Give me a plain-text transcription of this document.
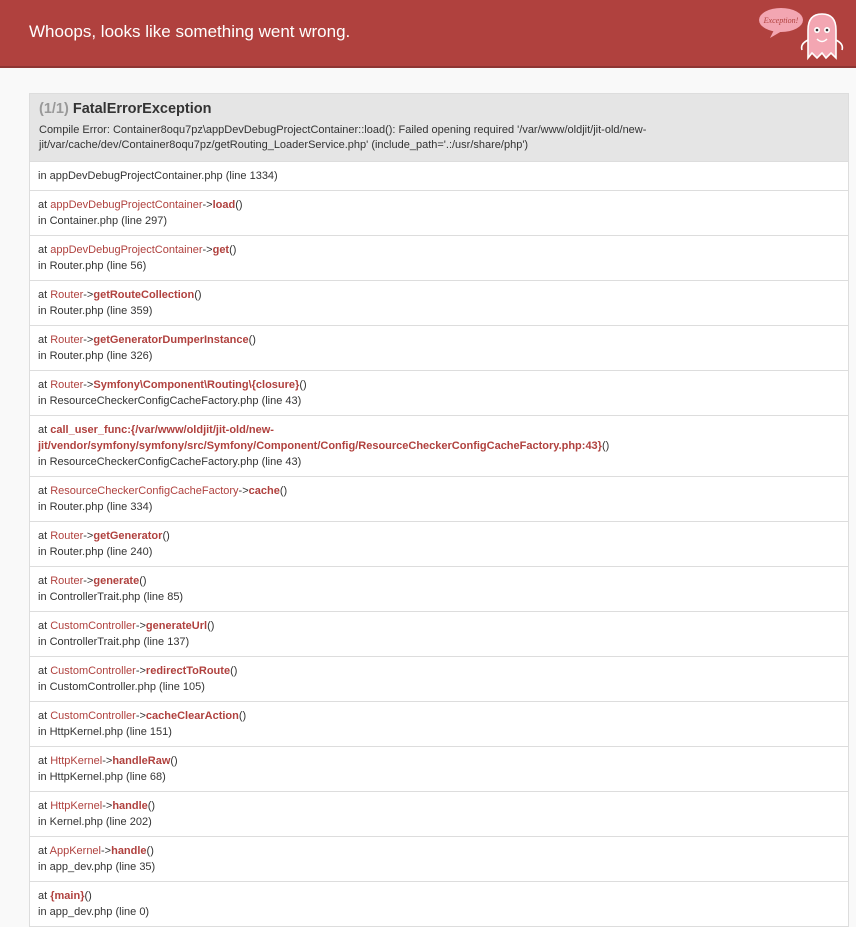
Whoops, looks like something went wrong.
Exception!
(1/1) FatalErrorException
Compile Error: Container8oqu7pz\appDevDebugProjectContainer::load(): Failed opening required '/var/www/oldjit/jit-old/new-
jit/var/cache/dev/Container8oqu7pz/getRouting_LoaderService.php' (include_path='.:/usr/share/php')
in appDevDebugProjectContainer.php (line 1334)
at appDevDebugProjectContainer->load()
in Container.php (line 297)
at appDevDebugProjectContainer->get()
in Router.php (line 56)
at Router->getRouteCollection()
in Router.php (line 359)
at Router->getGeneratorDumperInstance()
in Router.php (line 326)
at Router->Symfony\Component\Routing\{closure}()
in ResourceCheckerConfigCacheFactory.php (line 43)
at call_user_func:{/var/www/oldjit/jit-old/new-
jit/vendor/symfony/symfony/src/Symfony/Component/Config/ResourceCheckerConfigCacheFactory.php:43}()
in ResourceCheckerConfigCacheFactory.php (line 43)
at ResourceCheckerConfigCacheFactory->cache()
in Router.php (line 334)
at Router->getGenerator()
in Router.php (line 240)
at Router->generate()
in ControllerTrait.php (line 85)
at CustomController->generateUrl()
in ControllerTrait.php (line 137)
at CustomController->redirectToRoute()
in CustomController.php (line 105)
at CustomController->cacheClearAction()
in HttpKernel.php (line 151)
at HttpKernel->handleRaw()
in HttpKernel.php (line 68)
at HttpKernel->handle()
in Kernel.php (line 202)
at AppKernel->handle()
in app_dev.php (line 35)
at {main}()
in app_dev.php (line 0)
